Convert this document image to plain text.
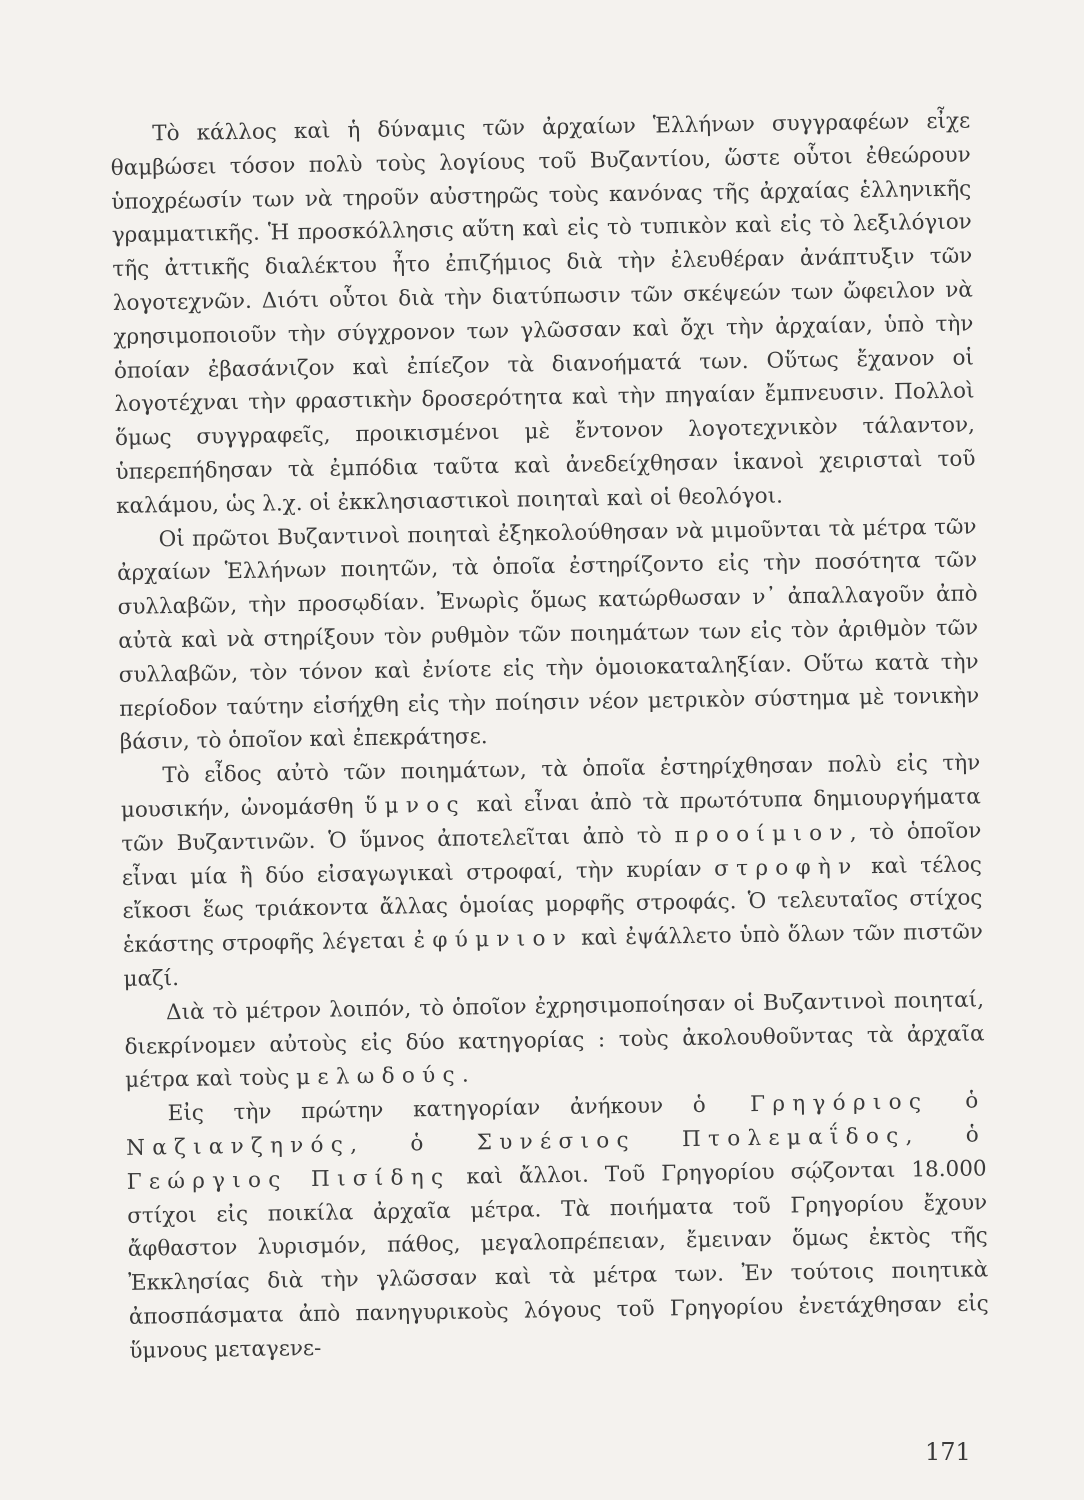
Τὸ κάλλος καὶ ἡ δύναμις τῶν ἀρχαίων Ἑλλήνων συγγραφέων εἶχε θαμβώσει τόσον πολὺ τοὺς λογίους τοῦ Βυζαντίου, ὥστε οὗτοι ἐθεώρουν ὑποχρέωσίν των νὰ τηροῦν αὐστηρῶς τοὺς κανόνας τῆς ἀρχαίας ἑλληνικῆς γραμματικῆς. Ἡ προσκόλλησις αὕτη καὶ εἰς τὸ τυπικὸν καὶ εἰς τὸ λεξιλόγιον τῆς ἀττικῆς διαλέκτου ἦτο ἐπιζήμιος διὰ τὴν ἐλευθέραν ἀνάπτυξιν τῶν λογοτεχνῶν. Διότι οὗτοι διὰ τὴν διατύπωσιν τῶν σκέψεών των ὤφειλον νὰ χρησιμοποιοῦν τὴν σύγχρονον των γλῶσσαν καὶ ὄχι τὴν ἀρχαίαν, ὑπὸ τὴν ὁποίαν ἐβασάνιζον καὶ ἐπίεζον τὰ διανοήματά των. Οὕτως ἔχανον οἱ λογοτέχναι τὴν φραστικὴν δροσερότητα καὶ τὴν πηγαίαν ἔμπνευσιν. Πολλοὶ ὅμως συγγραφεῖς, προικισμένοι μὲ ἔντονον λογοτεχνικὸν τάλαντον, ὑπερεπήδησαν τὰ ἐμπόδια ταῦτα καὶ ἀνεδείχθησαν ἱκανοὶ χειρισταὶ τοῦ καλάμου, ὡς λ.χ. οἱ ἐκκλησιαστικοὶ ποιηταὶ καὶ οἱ θεολόγοι.

Οἱ πρῶτοι Βυζαντινοὶ ποιηταὶ ἐξηκολούθησαν νὰ μιμοῦνται τὰ μέτρα τῶν ἀρχαίων Ἑλλήνων ποιητῶν, τὰ ὁποῖα ἐστηρίζοντο εἰς τὴν ποσότητα τῶν συλλαβῶν, τὴν προσῳδίαν. Ἐνωρὶς ὅμως κατώρθωσαν ν᾽ ἀπαλλαγοῦν ἀπὸ αὐτὰ καὶ νὰ στηρίξουν τὸν ρυθμὸν τῶν ποιημάτων των εἰς τὸν ἀριθμὸν τῶν συλλαβῶν, τὸν τόνον καὶ ἐνίοτε εἰς τὴν ὁμοιοκαταληξίαν. Οὕτω κατὰ τὴν περίοδον ταύτην εἰσήχθη εἰς τὴν ποίησιν νέον μετρικὸν σύστημα μὲ τονικὴν βάσιν, τὸ ὁποῖον καὶ ἐπεκράτησε.

Τὸ εἶδος αὐτὸ τῶν ποιημάτων, τὰ ὁποῖα ἐστηρίχθησαν πολὺ εἰς τὴν μουσικήν, ὠνομάσθη ὕμνος καὶ εἶναι ἀπὸ τὰ πρωτότυπα δημιουργήματα τῶν Βυζαντινῶν. Ὁ ὕμνος ἀποτελεῖται ἀπὸ τὸ προοίμιον, τὸ ὁποῖον εἶναι μία ἢ δύο εἰσαγωγικαὶ στροφαί, τὴν κυρίαν στροφὴν καὶ τέλος εἴκοσι ἕως τριάκοντα ἄλλας ὁμοίας μορφῆς στροφάς. Ὁ τελευταῖος στίχος ἑκάστης στροφῆς λέγεται ἐφύμνιον καὶ ἐψάλλετο ὑπὸ ὅλων τῶν πιστῶν μαζί.

Διὰ τὸ μέτρον λοιπόν, τὸ ὁποῖον ἐχρησιμοποίησαν οἱ Βυζαντινοὶ ποιηταί, διεκρίνομεν αὐτοὺς εἰς δύο κατηγορίας : τοὺς ἀκολουθοῦντας τὰ ἀρχαῖα μέτρα καὶ τοὺς μελωδούς.

Εἰς τὴν πρώτην κατηγορίαν ἀνήκουν ὁ Γρηγόριος ὁ Ναζιανζηνός, ὁ Συνέσιος Πτολεμαΐδος, ὁ Γεώργιος Πισίδης καὶ ἄλλοι. Τοῦ Γρηγορίου σῴζονται 18.000 στίχοι εἰς ποικίλα ἀρχαῖα μέτρα. Τὰ ποιήματα τοῦ Γρηγορίου ἔχουν ἄφθαστον λυρισμόν, πάθος, μεγαλοπρέπειαν, ἔμειναν ὅμως ἐκτὸς τῆς Ἐκκλησίας διὰ τὴν γλῶσσαν καὶ τὰ μέτρα των. Ἐν τούτοις ποιητικὰ ἀποσπάσματα ἀπὸ πανηγυρικοὺς λόγους τοῦ Γρηγορίου ἐνετάχθησαν εἰς ὕμνους μεταγενε-

171
